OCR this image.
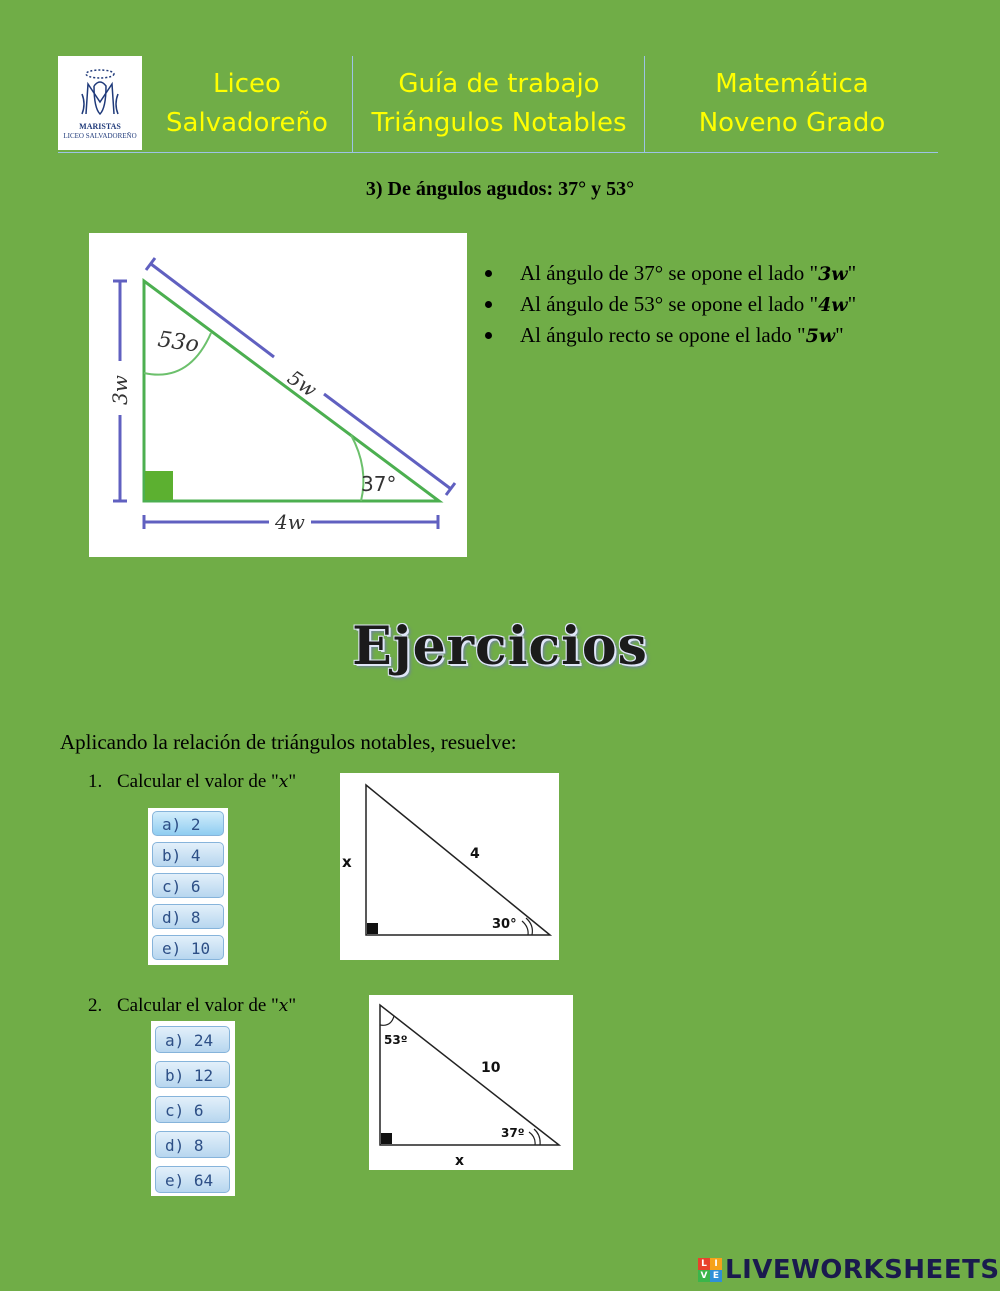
MARISTAS
LICEO SALVADOREÑO
Liceo
Salvadoreño
Guía de trabajo
Triángulos Notables
Matemática
Noveno Grado
3) De ángulos agudos: 37° y 53°
53o
37°
5w
3w
4w
Al ángulo de 37° se opone el lado "3w"
Al ángulo de 53° se opone el lado "4w"
Al ángulo recto se opone el lado "5w"
Ejercicios
Aplicando la relación de triángulos notables, resuelve:
1. Calcular el valor de "x"
a) 2
b) 4
c) 6
d) 8
e) 10
x	4
30°
2. Calcular el valor de "x"
a) 24
b) 12
c) 6
d) 8
e) 64
53º
10
37º
x
L I
V E LIVEWORKSHEETS
